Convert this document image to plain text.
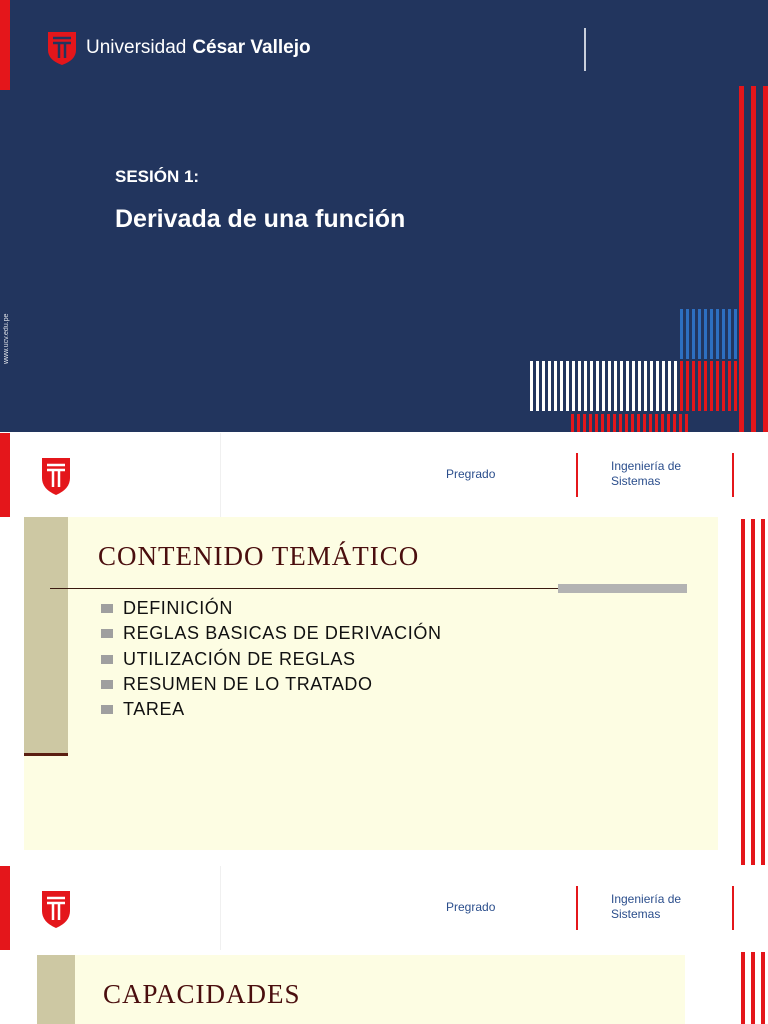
Universidad César Vallejo
SESIÓN 1:
Derivada de una función
www.ucv.edu.pe
Pregrado
Ingeniería de
Sistemas
CONTENIDO TEMÁTICO
DEFINICIÓN
REGLAS BASICAS DE DERIVACIÓN
UTILIZACIÓN DE REGLAS
RESUMEN DE LO TRATADO
TAREA
Pregrado
Ingeniería de
Sistemas
CAPACIDADES
